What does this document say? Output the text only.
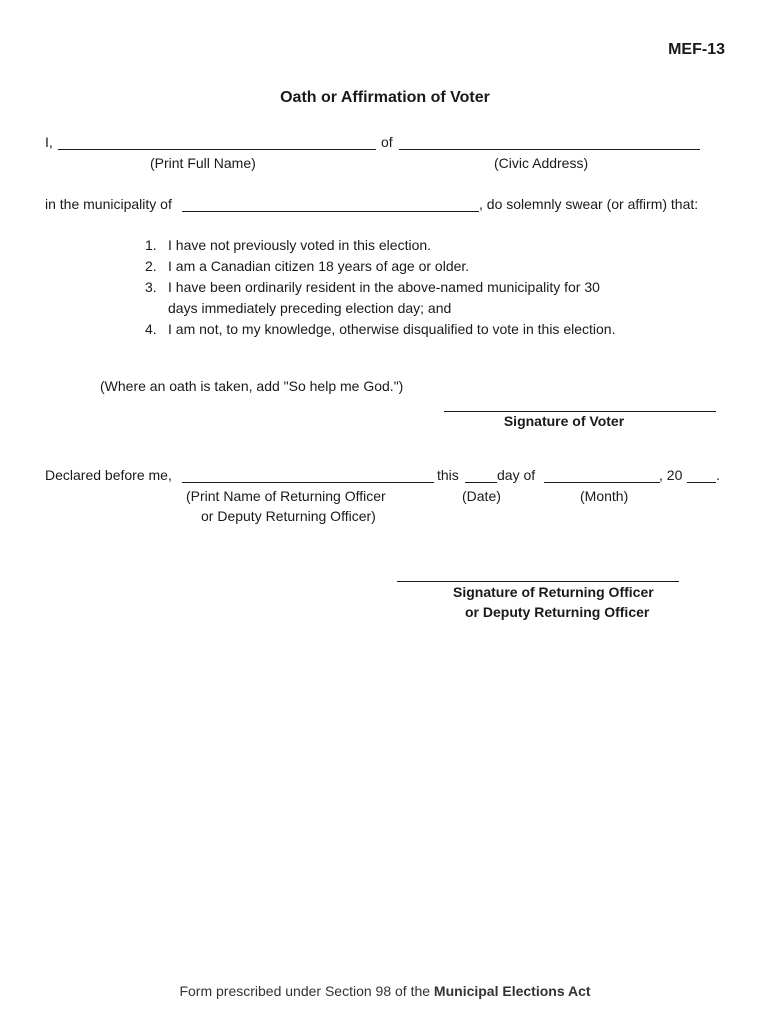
MEF-13
Oath or Affirmation of Voter
I,	of
(Print Full Name)	(Civic Address)
in the municipality of	, do solemnly swear (or affirm) that:
1. I have not previously voted in this election.
2. I am a Canadian citizen 18 years of age or older.
3. I have been ordinarily resident in the above-named municipality for 30
days immediately preceding election day; and
4. I am not, to my knowledge, otherwise disqualified to vote in this election.
(Where an oath is taken, add "So help me God.")
Signature of Voter
Declared before me,	this	day of	, 20 .
(Print Name of Returning Officer
or Deputy Returning Officer)
(Date)	(Month)
Signature of Returning Officer
or Deputy Returning Officer
Form prescribed under Section 98 of the Municipal Elections Act
